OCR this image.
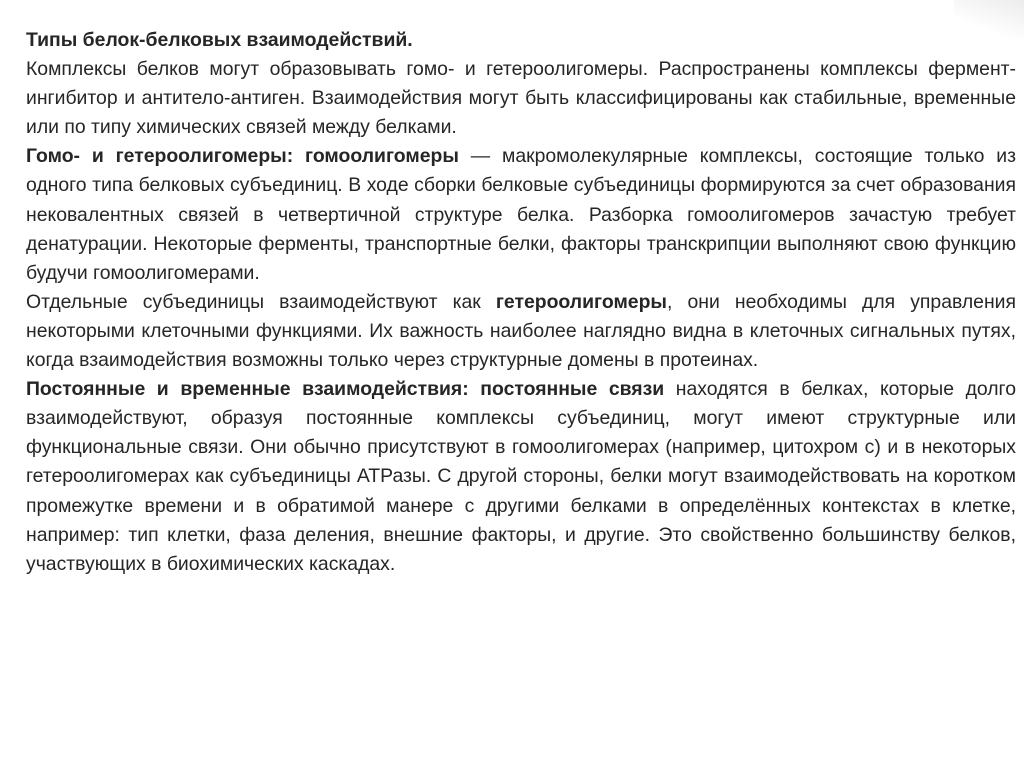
Типы белок-белковых взаимодействий.

Комплексы белков могут образовывать гомо- и гетероолигомеры. Распространены комплексы фермент-ингибитор и антитело-антиген. Взаимодействия могут быть классифицированы как стабильные, временные или по типу химических связей между белками.

Гомо- и гетероолигомеры: гомоолигомеры — макромолекулярные комплексы, состоящие только из одного типа белковых субъединиц. В ходе сборки белковые субъединицы формируются за счет образования нековалентных связей в четвертичной структуре белка. Разборка гомоолигомеров зачастую требует денатурации. Некоторые ферменты, транспортные белки, факторы транскрипции выполняют свою функцию будучи гомоолигомерами.

Отдельные субъединицы взаимодействуют как гетероолигомеры, они необходимы для управления некоторыми клеточными функциями. Их важность наиболее наглядно видна в клеточных сигнальных путях, когда взаимодействия возможны только через структурные домены в протеинах.

Постоянные и временные взаимодействия: постоянные связи находятся в белках, которые долго взаимодействуют, образуя постоянные комплексы субъединиц, могут имеют структурные или функциональные связи. Они обычно присутствуют в гомоолигомерах (например, цитохром с) и в некоторых гетероолигомерах как субъединицы АТРазы. С другой стороны, белки могут взаимодействовать на коротком промежутке времени и в обратимой манере с другими белками в определённых контекстах в клетке, например: тип клетки, фаза деления, внешние факторы, и другие. Это свойственно большинству белков, участвующих в биохимических каскадах.
